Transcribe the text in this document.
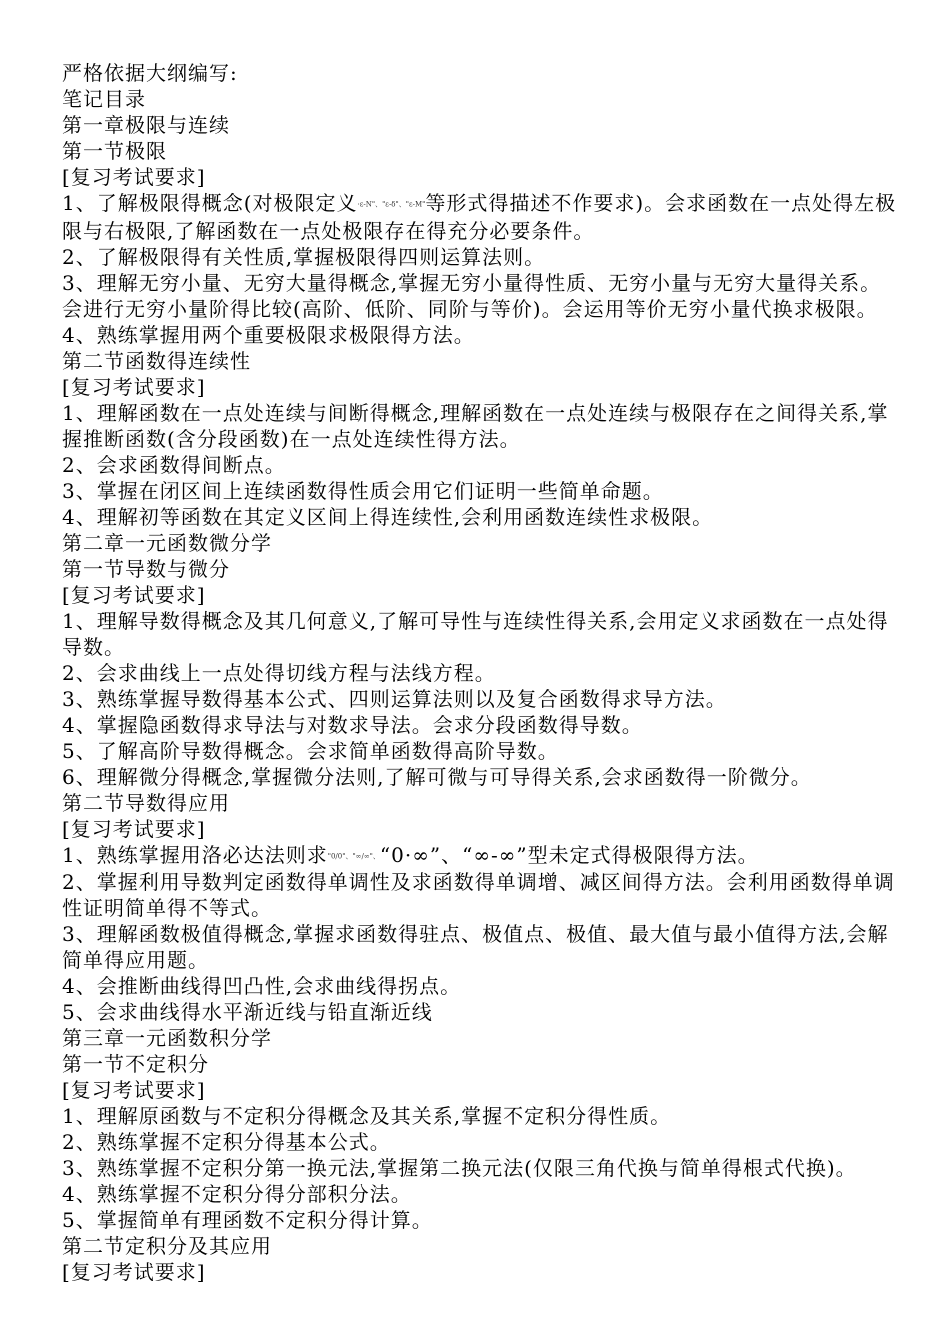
严格依据大纲编写:

笔记目录

第一章极限与连续

第一节极限

[复习考试要求]

1、了解极限得概念(对极限定义·ε-N"、"ε-δ"、"ε-M"等形式得描述不作要求)。会求函数在一点处得左极限与右极限,了解函数在一点处极限存在得充分必要条件。

2、了解极限得有关性质,掌握极限得四则运算法则。

3、理解无穷小量、无穷大量得概念,掌握无穷小量得性质、无穷小量与无穷大量得关系。会进行无穷小量阶得比较(高阶、低阶、同阶与等价)。会运用等价无穷小量代换求极限。

4、熟练掌握用两个重要极限求极限得方法。

第二节函数得连续性

[复习考试要求]

1、理解函数在一点处连续与间断得概念,理解函数在一点处连续与极限存在之间得关系,掌握推断函数(含分段函数)在一点处连续性得方法。

2、会求函数得间断点。

3、掌握在闭区间上连续函数得性质会用它们证明一些简单命题。

4、理解初等函数在其定义区间上得连续性,会利用函数连续性求极限。

第二章一元函数微分学

第一节导数与微分

[复习考试要求]

1、理解导数得概念及其几何意义,了解可导性与连续性得关系,会用定义求函数在一点处得导数。

2、会求曲线上一点处得切线方程与法线方程。

3、熟练掌握导数得基本公式、四则运算法则以及复合函数得求导方法。

4、掌握隐函数得求导法与对数求导法。会求分段函数得导数。

5、了解高阶导数得概念。会求简单函数得高阶导数。

6、理解微分得概念,掌握微分法则,了解可微与可导得关系,会求函数得一阶微分。

第二节导数得应用

[复习考试要求]

1、熟练掌握用洛必达法则求"0/0"、"∞/∞"、“0·∞”、“∞-∞”型未定式得极限得方法。

2、掌握利用导数判定函数得单调性及求函数得单调增、减区间得方法。会利用函数得单调性证明简单得不等式。

3、理解函数极值得概念,掌握求函数得驻点、极值点、极值、最大值与最小值得方法,会解简单得应用题。

4、会推断曲线得凹凸性,会求曲线得拐点。

5、会求曲线得水平渐近线与铅直渐近线

第三章一元函数积分学

第一节不定积分

[复习考试要求]

1、理解原函数与不定积分得概念及其关系,掌握不定积分得性质。

2、熟练掌握不定积分得基本公式。

3、熟练掌握不定积分第一换元法,掌握第二换元法(仅限三角代换与简单得根式代换)。

4、熟练掌握不定积分得分部积分法。

5、掌握简单有理函数不定积分得计算。

第二节定积分及其应用

[复习考试要求]
